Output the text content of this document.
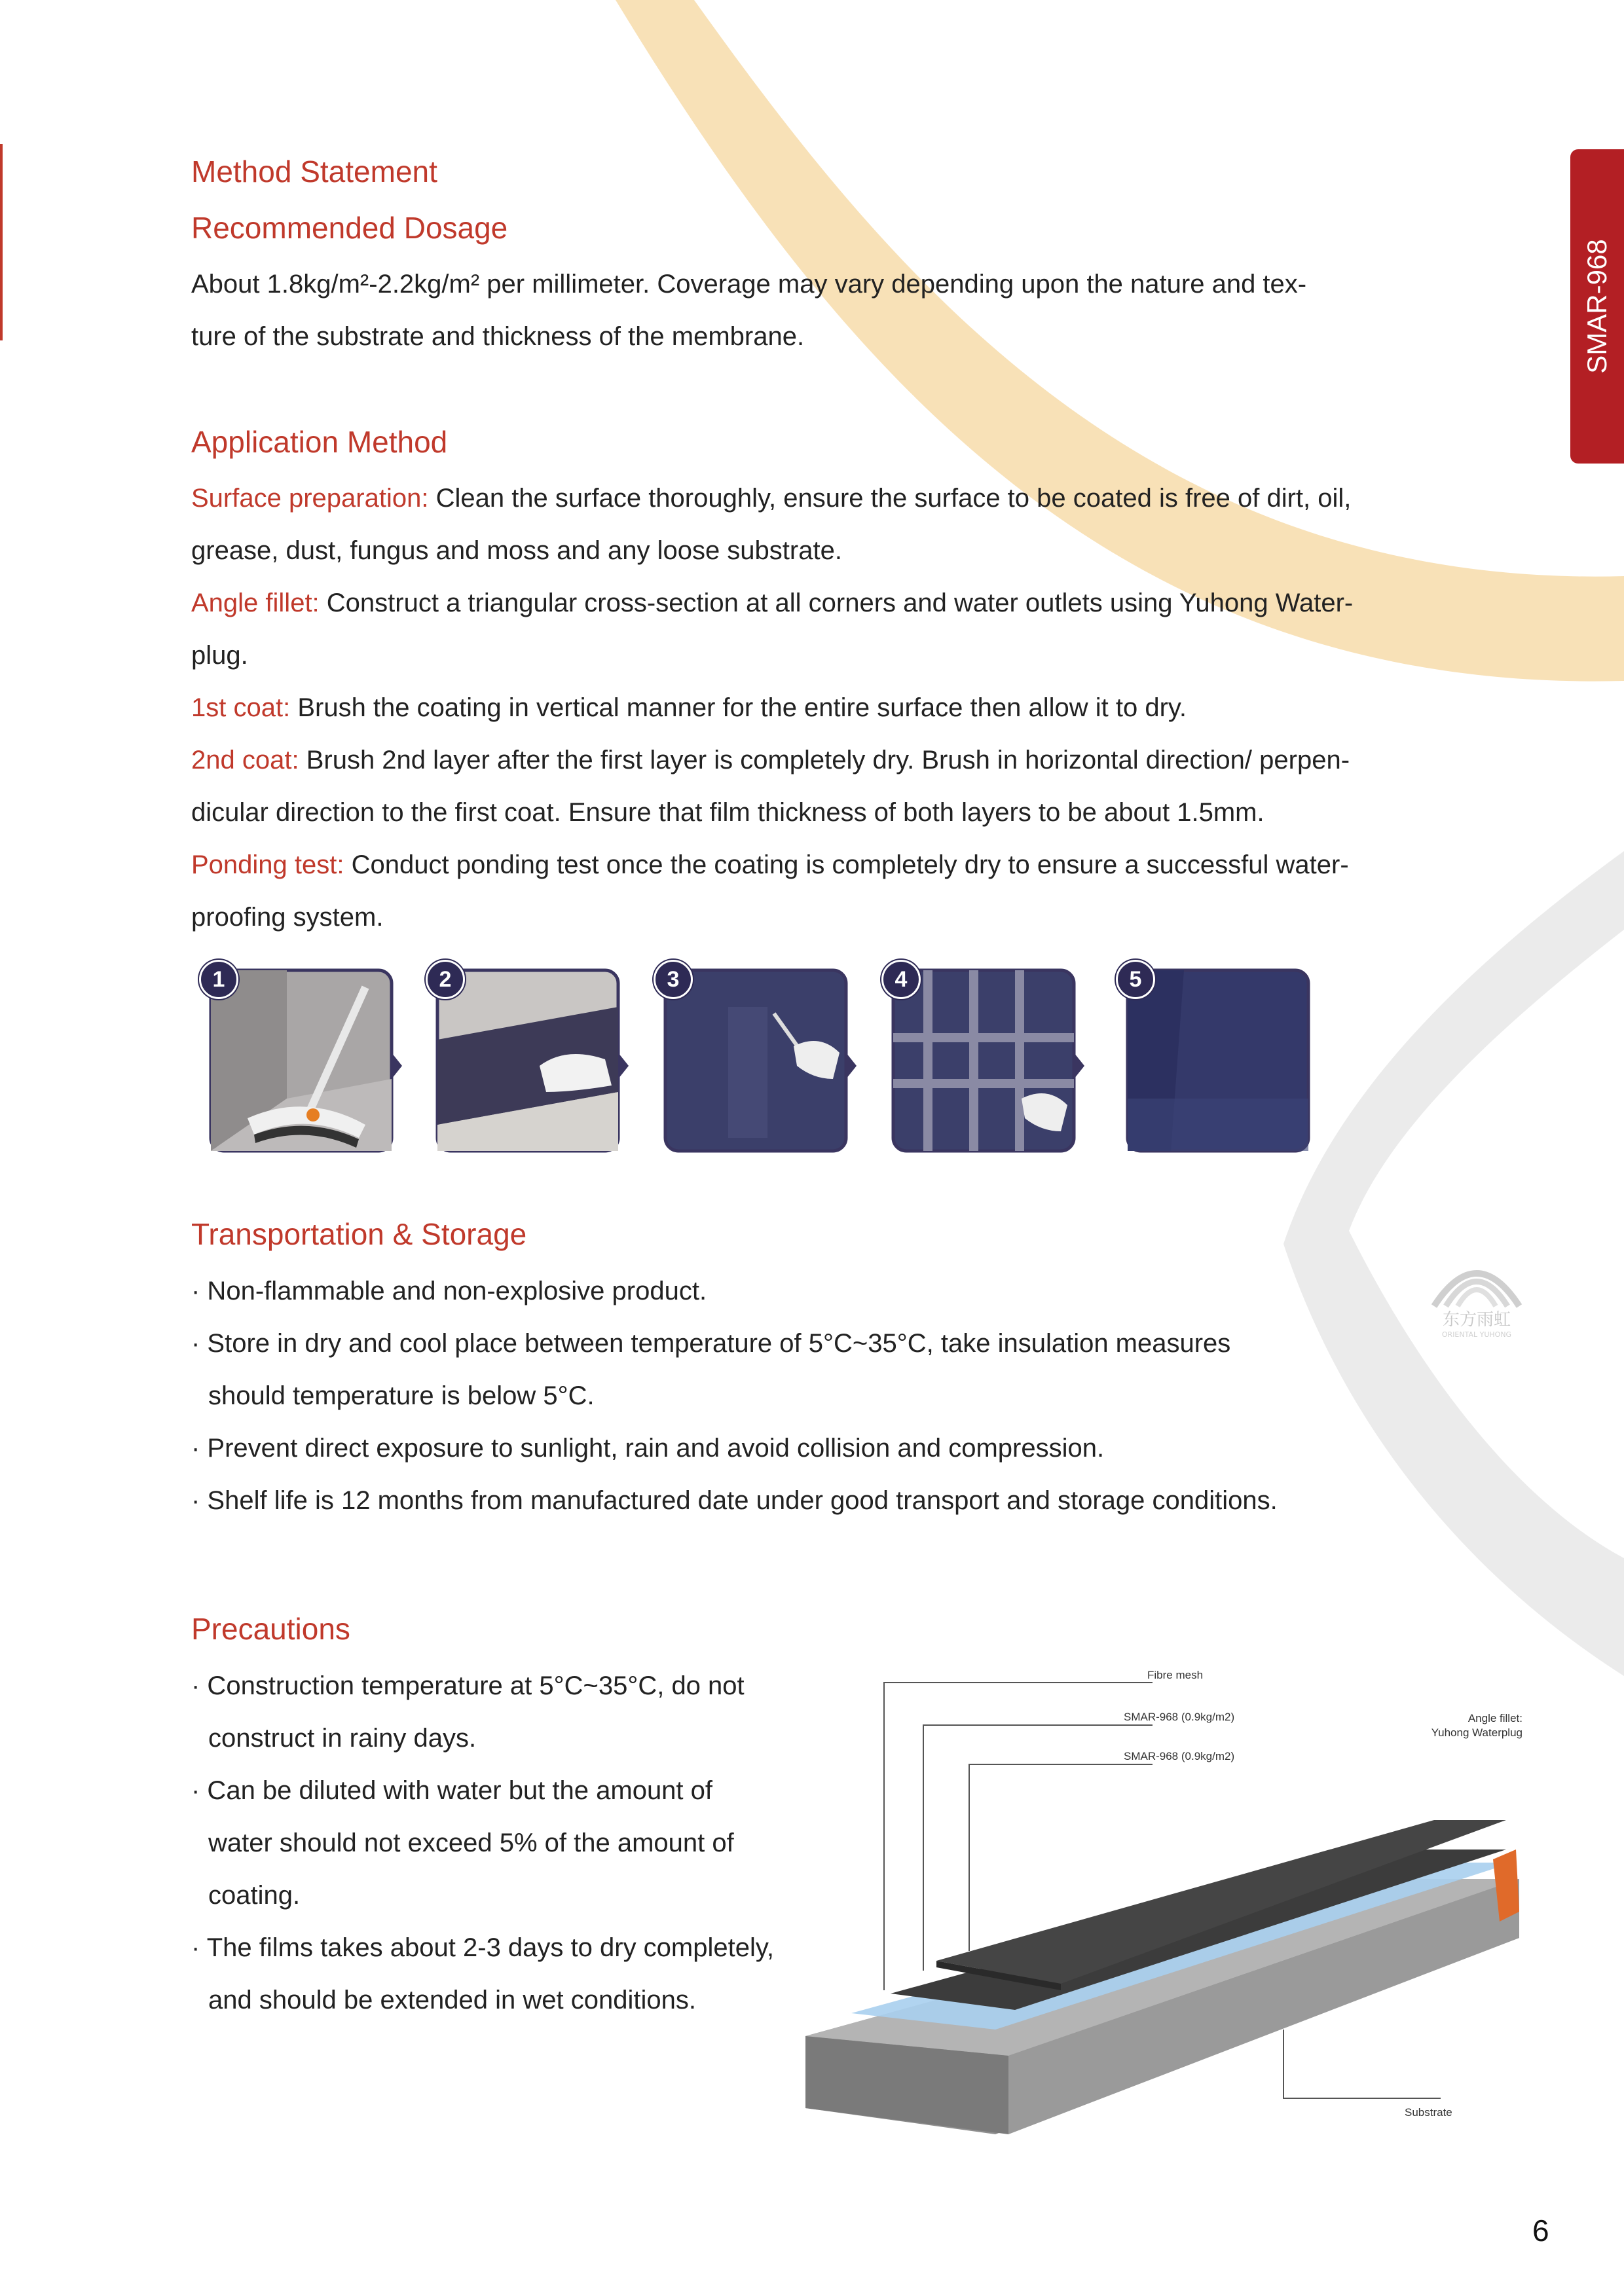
SMAR-968
Method Statement
Recommended Dosage
About 1.8kg/m²-2.2kg/m² per millimeter. Coverage may vary depending upon the nature and tex-
ture of the substrate and thickness of the membrane.
Application Method
Surface preparation: Clean the surface thoroughly, ensure the surface to be coated is free of dirt, oil,
grease, dust, fungus and moss and any loose substrate.
Angle fillet: Construct a triangular cross-section at all corners and water outlets using Yuhong Water-
plug.
1st coat: Brush the coating in vertical manner for the entire surface then allow it to dry.
2nd coat: Brush 2nd layer after the first layer is completely dry. Brush in horizontal direction/ perpen-
dicular direction to the first coat. Ensure that film thickness of both layers to be about 1.5mm.
Ponding test: Conduct ponding test once the coating is completely dry to ensure a successful water-
proofing system.
1	2	3	4	5
Transportation & Storage
· Non-flammable and non-explosive product.
· Store in dry and cool place between temperature of 5°C~35°C, take insulation measures
should temperature is below 5°C.
· Prevent direct exposure to sunlight, rain and avoid collision and compression.
· Shelf life is 12 months from manufactured date under good transport and storage conditions.
东方雨虹
ORIENTAL YUHONG
Precautions
· Construction temperature at 5°C~35°C, do not
construct in rainy days.
· Can be diluted with water but the amount of
water should not exceed 5% of the amount of
coating.
· The films takes about 2-3 days to dry completely,
and should be extended in wet conditions.
Fibre mesh
SMAR-968 (0.9kg/m2)
SMAR-968 (0.9kg/m2)
Angle fillet:
Yuhong Waterplug
Substrate
6
